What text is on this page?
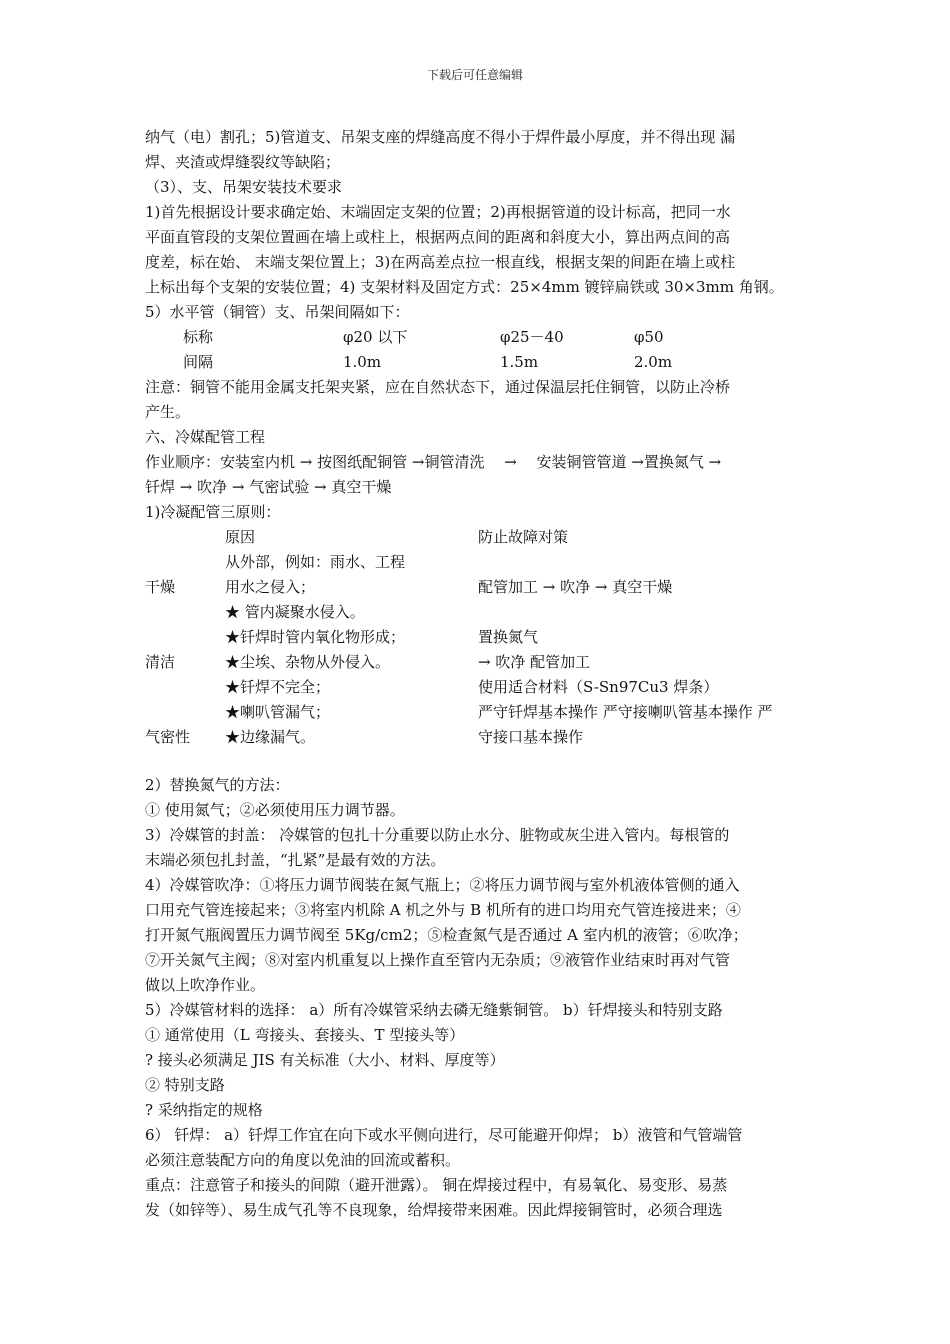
下载后可任意编辑
纳气（电）割孔；5)管道支、吊架支座的焊缝高度不得小于焊件最小厚度，并不得出现 漏
焊、夹渣或焊缝裂纹等缺陷；
（3）、支、吊架安装技术要求
1)首先根据设计要求确定始、末端固定支架的位置；2)再根据管道的设计标高，把同一水
平面直管段的支架位置画在墙上或柱上，根据两点间的距离和斜度大小，算出两点间的高
度差，标在始、 末端支架位置上；3)在两高差点拉一根直线，根据支架的间距在墙上或柱
上标出每个支架的安装位置；4) 支架材料及固定方式：25×4mm 镀锌扁铁或 30×3mm 角钢。
5）水平管（铜管）支、吊架间隔如下：
标称	φ20 以下	φ25－40	φ50
间隔	1.0m	1.5m	2.0m
注意：铜管不能用金属支托架夹紧，应在自然状态下，通过保温层托住铜管，以防止冷桥
产生。
六、冷媒配管工程
作业顺序：安装室内机 → 按图纸配铜管 →铜管清洗 　→ 　安装铜管管道 →置换氮气 →
钎焊 → 吹净 → 气密试验 → 真空干燥
1)冷凝配管三原则：
原因	防止故障对策
从外部，例如：雨水、工程
干燥	用水之侵入；	配管加工 → 吹净 → 真空干燥
★ 管内凝聚水侵入。
★钎焊时管内氧化物形成；	置换氮气
清洁	★尘埃、杂物从外侵入。	→ 吹净 配管加工
★钎焊不完全；	使用适合材料（S-Sn97Cu3 焊条）
★喇叭管漏气；	严守钎焊基本操作 严守接喇叭管基本操作 严
气密性 ★边缘漏气。	守接口基本操作
2）替换氮气的方法：
① 使用氮气；②必须使用压力调节器。
3）冷媒管的封盖： 冷媒管的包扎十分重要以防止水分、脏物或灰尘进入管内。每根管的
末端必须包扎封盖，“扎紧”是最有效的方法。
4）冷媒管吹净：①将压力调节阀装在氮气瓶上；②将压力调节阀与室外机液体管侧的通入
口用充气管连接起来；③将室内机除 A 机之外与 B 机所有的进口均用充气管连接进来；④
打开氮气瓶阀置压力调节阀至 5Kg/cm2；⑤检查氮气是否通过 A 室内机的液管；⑥吹净；
⑦开关氮气主阀；⑧对室内机重复以上操作直至管内无杂质；⑨液管作业结束时再对气管
做以上吹净作业。
5）冷媒管材料的选择： a）所有冷媒管采纳去磷无缝紫铜管。 b）钎焊接头和特别支路
① 通常使用（L 弯接头、套接头、T 型接头等）
? 接头必须满足 JIS 有关标准（大小、材料、厚度等）
② 特别支路
? 采纳指定的规格
6） 钎焊： a）钎焊工作宜在向下或水平侧向进行，尽可能避开仰焊； b）液管和气管端管
必须注意装配方向的角度以免油的回流或蓄积。
重点：注意管子和接头的间隙（避开泄露）。 铜在焊接过程中，有易氧化、易变形、易蒸
发（如锌等）、易生成气孔等不良现象，给焊接带来困难。因此焊接铜管时，必须合理选
